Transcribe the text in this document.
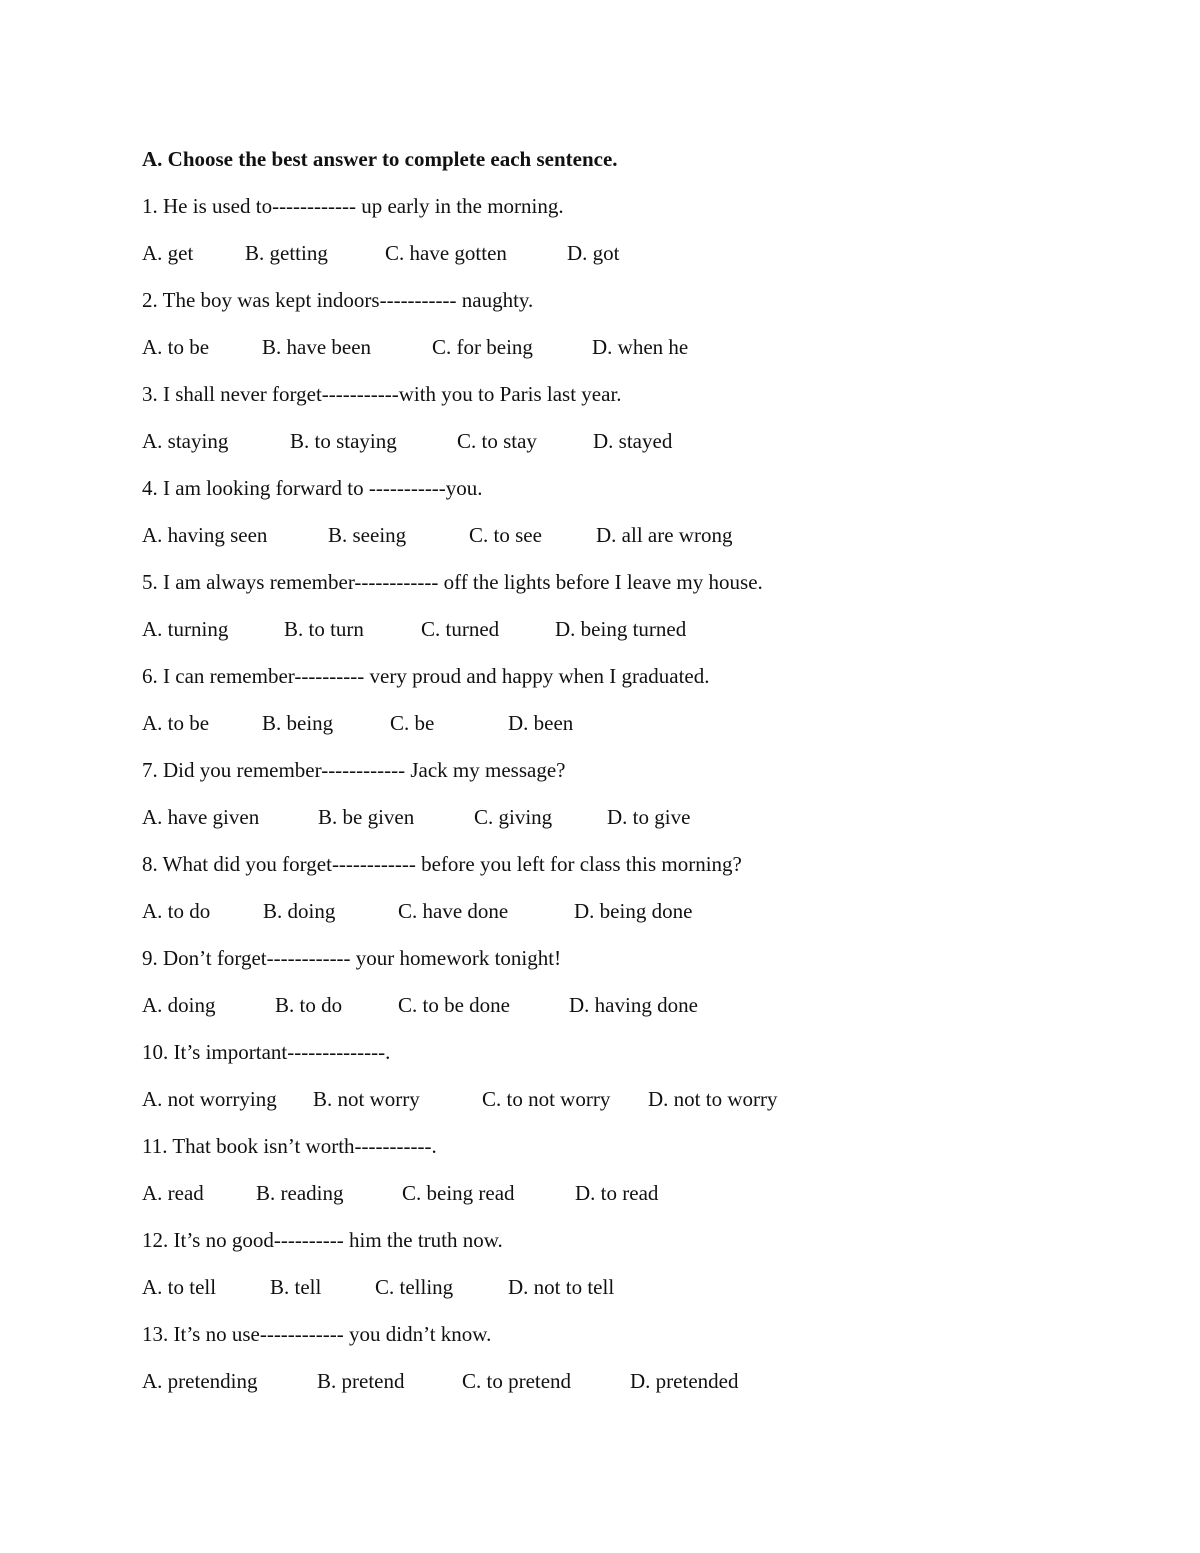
A. Choose the best answer to complete each sentence.
1. He is used to------------ up early in the morning.
A. get B. getting	C. have gotten	D. got
2. The boy was kept indoors----------- naughty.
A. to be	B. have been	C. for being	D. when he
3. I shall never forget-----------with you to Paris last year.
A. staying	B. to staying	C. to stay	D. stayed
4. I am looking forward to -----------you.
A. having seen	B. seeing	C. to see	D. all are wrong
5. I am always remember------------ off the lights before I leave my house.
A. turning	B. to turn	C. turned	D. being turned
6. I can remember---------- very proud and happy when I graduated.
A. to be	B. being	C. be	D. been
7. Did you remember------------ Jack my message?
A. have given	B. be given	C. giving	D. to give
8. What did you forget------------ before you left for class this morning?
A. to do	B. doing	C. have done	D. being done
9. Don’t forget------------ your homework tonight!
A. doing	B. to do	C. to be done	D. having done
10. It’s important--------------.
A. not worrying B. not worry	C. to not worry D. not to worry
11. That book isn’t worth-----------.
A. read B. reading	C. being read	D. to read
12. It’s no good---------- him the truth now.
A. to tell	B. tell	C. telling	D. not to tell
13. It’s no use------------ you didn’t know.
A. pretending	B. pretend	C. to pretend	D. pretended
